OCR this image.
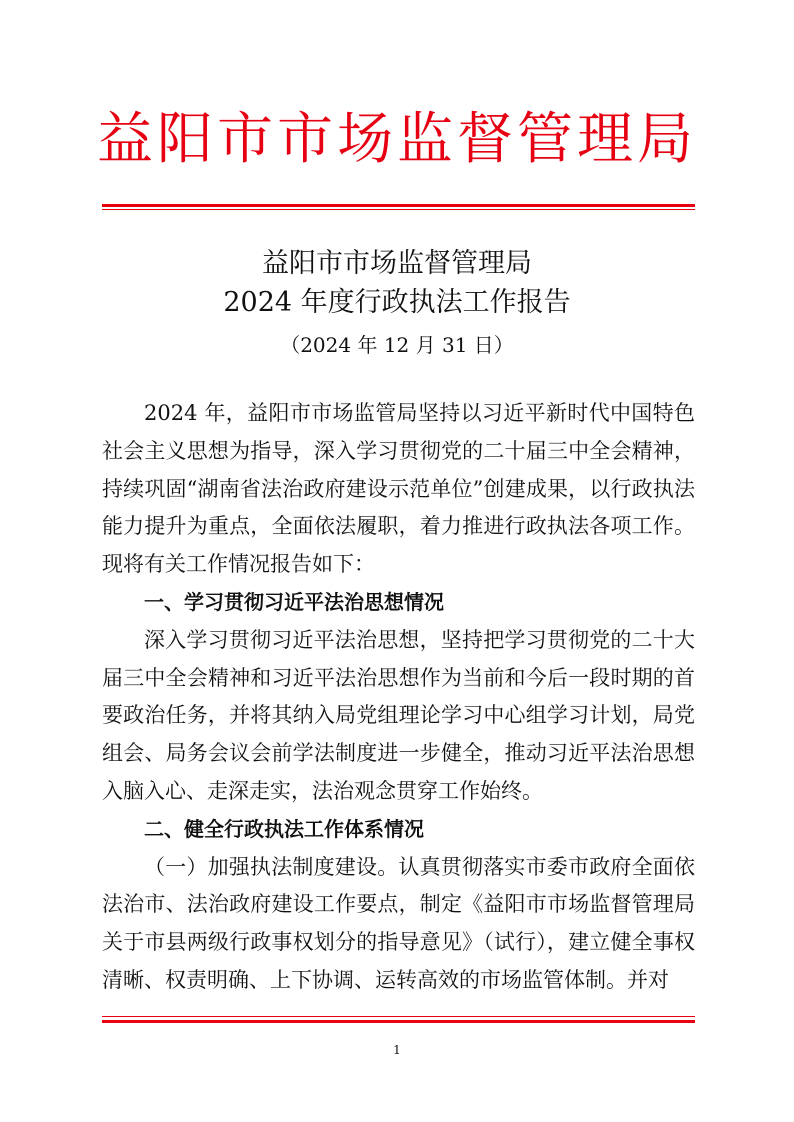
益阳市市场监督管理局
益阳市市场监督管理局
2024 年度行政执法工作报告
（2024 年 12 月 31 日）

2024 年，益阳市市场监管局坚持以习近平新时代中国特色社会主义思想为指导，深入学习贯彻党的二十届三中全会精神，持续巩固“湖南省法治政府建设示范单位”创建成果，以行政执法能力提升为重点，全面依法履职，着力推进行政执法各项工作。现将有关工作情况报告如下：

一、学习贯彻习近平法治思想情况

深入学习贯彻习近平法治思想，坚持把学习贯彻党的二十大届三中全会精神和习近平法治思想作为当前和今后一段时期的首要政治任务，并将其纳入局党组理论学习中心组学习计划，局党组会、局务会议会前学法制度进一步健全，推动习近平法治思想入脑入心、走深走实，法治观念贯穿工作始终。

二、健全行政执法工作体系情况

（一）加强执法制度建设。认真贯彻落实市委市政府全面依法治市、法治政府建设工作要点，制定《益阳市市场监督管理局关于市县两级行政事权划分的指导意见》（试行），建立健全事权清晰、权责明确、上下协调、运转高效的市场监管体制。并对

1
